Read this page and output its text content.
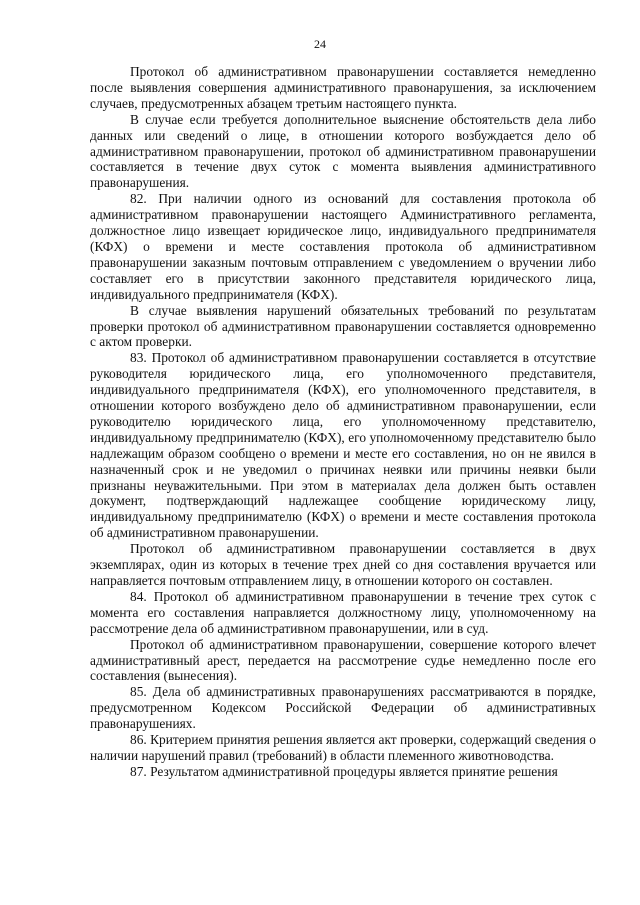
24

Протокол об административном правонарушении составляется немедленно после выявления совершения административного правонарушения, за исключением случаев, предусмотренных абзацем третьим настоящего пункта.

В случае если требуется дополнительное выяснение обстоятельств дела либо данных или сведений о лице, в отношении которого возбуждается дело об административном правонарушении, протокол об административном правонарушении составляется в течение двух суток с момента выявления административного правонарушения.

82. При наличии одного из оснований для составления протокола об административном правонарушении настоящего Административного регламента, должностное лицо извещает юридическое лицо, индивидуального предпринимателя (КФХ) о времени и месте составления протокола об административном правонарушении заказным почтовым отправлением с уведомлением о вручении либо составляет его в присутствии законного представителя юридического лица, индивидуального предпринимателя (КФХ).

В случае выявления нарушений обязательных требований по результатам проверки протокол об административном правонарушении составляется одновременно с актом проверки.

83. Протокол об административном правонарушении составляется в отсутствие руководителя юридического лица, его уполномоченного представителя, индивидуального предпринимателя (КФХ), его уполномоченного представителя, в отношении которого возбуждено дело об административном правонарушении, если руководителю юридического лица, его уполномоченному представителю, индивидуальному предпринимателю (КФХ), его уполномоченному представителю было надлежащим образом сообщено о времени и месте его составления, но он не явился в назначенный срок и не уведомил о причинах неявки или причины неявки были признаны неуважительными. При этом в материалах дела должен быть оставлен документ, подтверждающий надлежащее сообщение юридическому лицу, индивидуальному предпринимателю (КФХ) о времени и месте составления протокола об административном правонарушении.

Протокол об административном правонарушении составляется в двух экземплярах, один из которых в течение трех дней со дня составления вручается или направляется почтовым отправлением лицу, в отношении которого он составлен.

84. Протокол об административном правонарушении в течение трех суток с момента его составления направляется должностному лицу, уполномоченному на рассмотрение дела об административном правонарушении, или в суд.

Протокол об административном правонарушении, совершение которого влечет административный арест, передается на рассмотрение судье немедленно после его составления (вынесения).

85. Дела об административных правонарушениях рассматриваются в порядке, предусмотренном Кодексом Российской Федерации об административных правонарушениях.

86. Критерием принятия решения является акт проверки, содержащий сведения о наличии нарушений правил (требований) в области племенного животноводства.

87. Результатом административной процедуры является принятие решения
